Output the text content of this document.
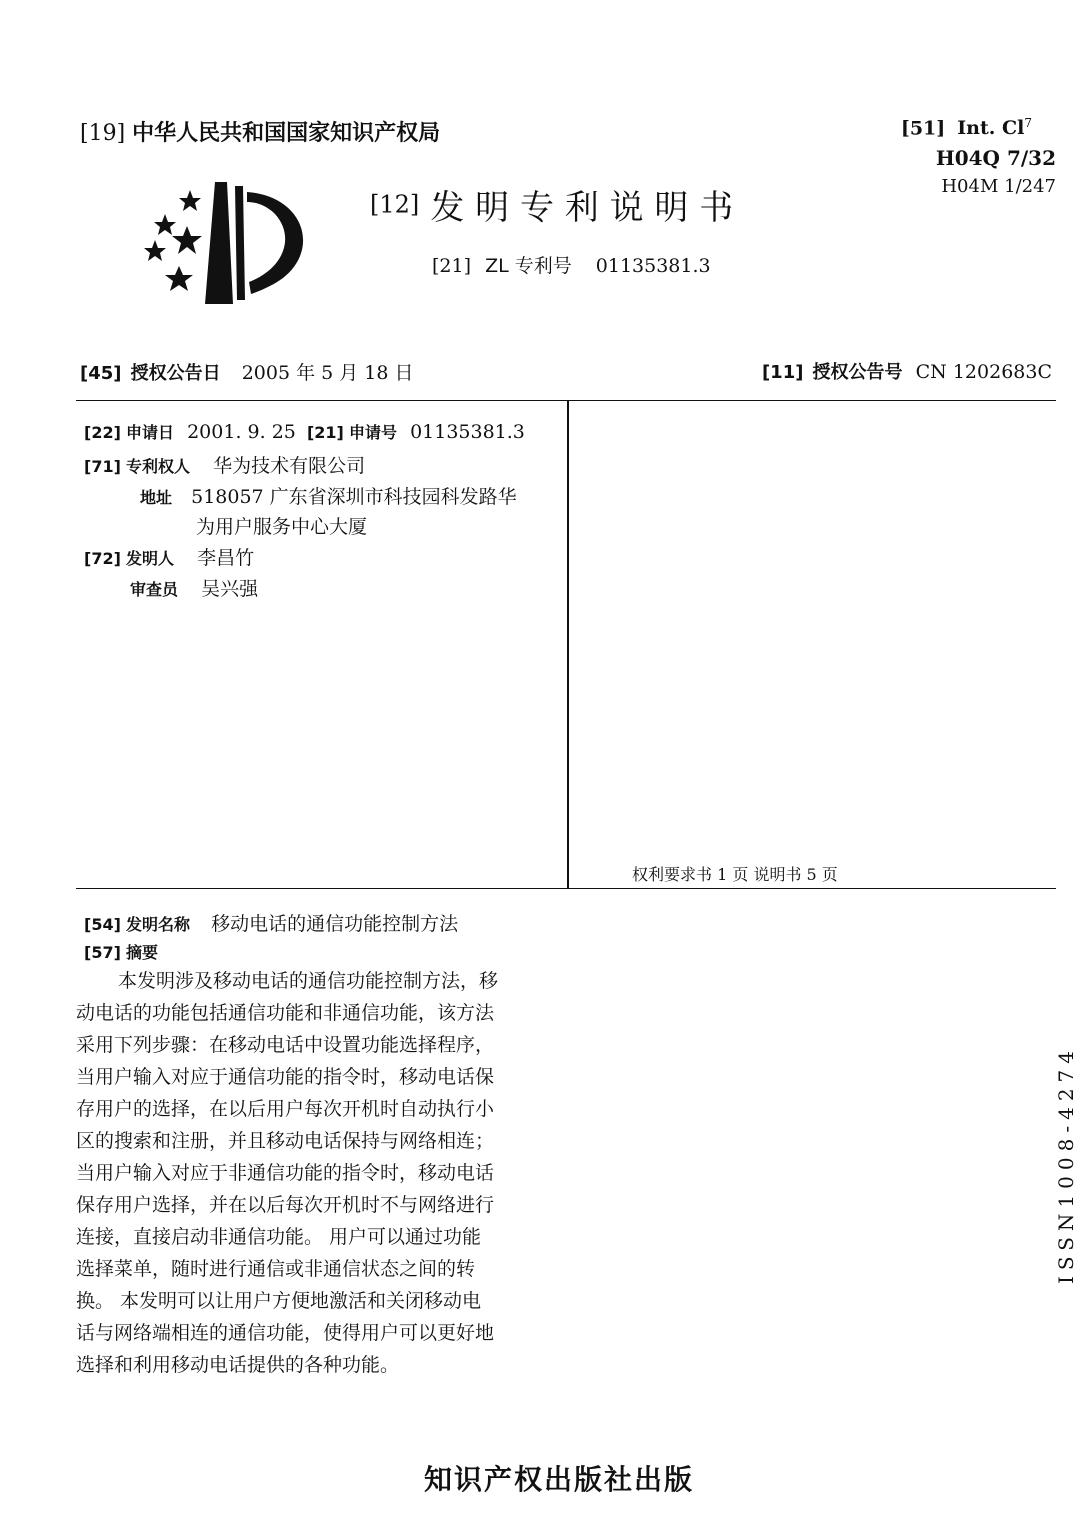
[19] 中华人民共和国国家知识产权局
[12] 发 明 专 利 说 明 书
[21] ZL 专利号 01135381.3
[51] Int. Cl$^7$
H04Q 7/32
H04M 1/247
[45] 授权公告日 2005 年 5 月 18 日	[11] 授权公告号 CN 1202683C
[22] 申请日 2001. 9. 25 [21] 申请号 01135381.3
[71] 专利权人 华为技术有限公司
地址 518057 广东省深圳市科技园科发路华
为用户服务中心大厦
[72] 发明人 李昌竹
审查员 吴兴强
权利要求书 1 页 说明书 5 页
[54] 发明名称 移动电话的通信功能控制方法
[57] 摘要
本发明涉及移动电话的通信功能控制方法，移
动电话的功能包括通信功能和非通信功能，该方法
采用下列步骤：在移动电话中设置功能选择程序，
当用户输入对应于通信功能的指令时，移动电话保
存用户的选择，在以后用户每次开机时自动执行小
区的搜索和注册，并且移动电话保持与网络相连；
当用户输入对应于非通信功能的指令时，移动电话
保存用户选择，并在以后每次开机时不与网络进行
连接，直接启动非通信功能。 用户可以通过功能
选择菜单，随时进行通信或非通信状态之间的转
换。 本发明可以让用户方便地激活和关闭移动电
话与网络端相连的通信功能，使得用户可以更好地
选择和利用移动电话提供的各种功能。
ISSN1008-4274
知识产权出版社出版
